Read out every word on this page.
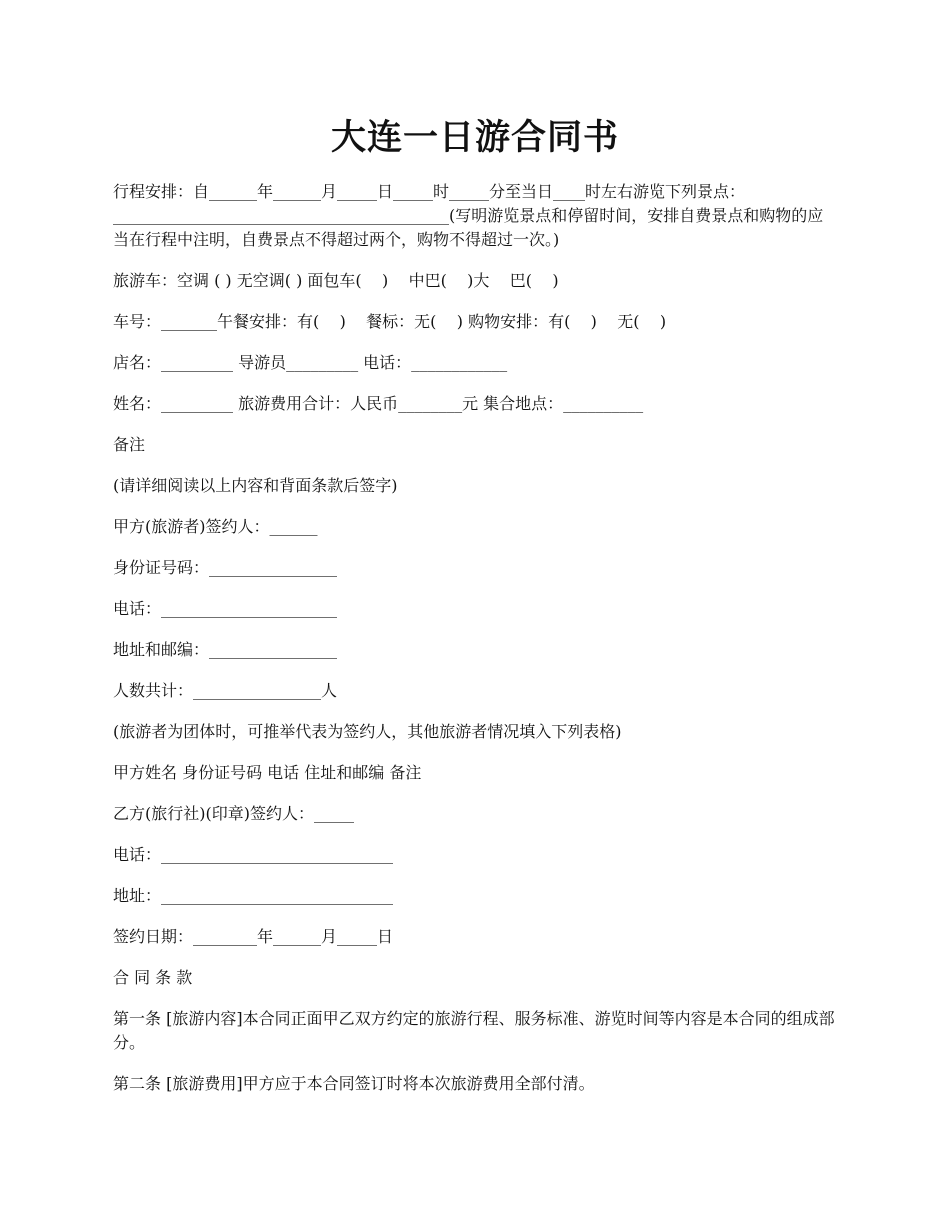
大连一日游合同书

行程安排：自______年______月_____日_____时_____分至当日____时左右游览下列景点：__________________________________________(写明游览景点和停留时间，安排自费景点和购物的应当在行程中注明，自费景点不得超过两个，购物不得超过一次。)

旅游车：空调 ( ) 无空调( ) 面包车(    )    中巴(    )大    巴(    )

车号：_______午餐安排：有(    )    餐标：无(    ) 购物安排：有(    )    无(    )

店名：_________ 导游员_________ 电话：____________

姓名：_________ 旅游费用合计：人民币________元 集合地点：__________

备注

(请详细阅读以上内容和背面条款后签字)

甲方(旅游者)签约人：______

身份证号码：________________

电话：______________________

地址和邮编：________________

人数共计：________________人

(旅游者为团体时，可推举代表为签约人，其他旅游者情况填入下列表格)

甲方姓名 身份证号码 电话 住址和邮编 备注

乙方(旅行社)(印章)签约人：_____

电话：_____________________________

地址：_____________________________

签约日期：________年______月_____日

合 同 条 款

第一条 [旅游内容]本合同正面甲乙双方约定的旅游行程、服务标准、游览时间等内容是本合同的组成部分。

第二条 [旅游费用]甲方应于本合同签订时将本次旅游费用全部付清。
